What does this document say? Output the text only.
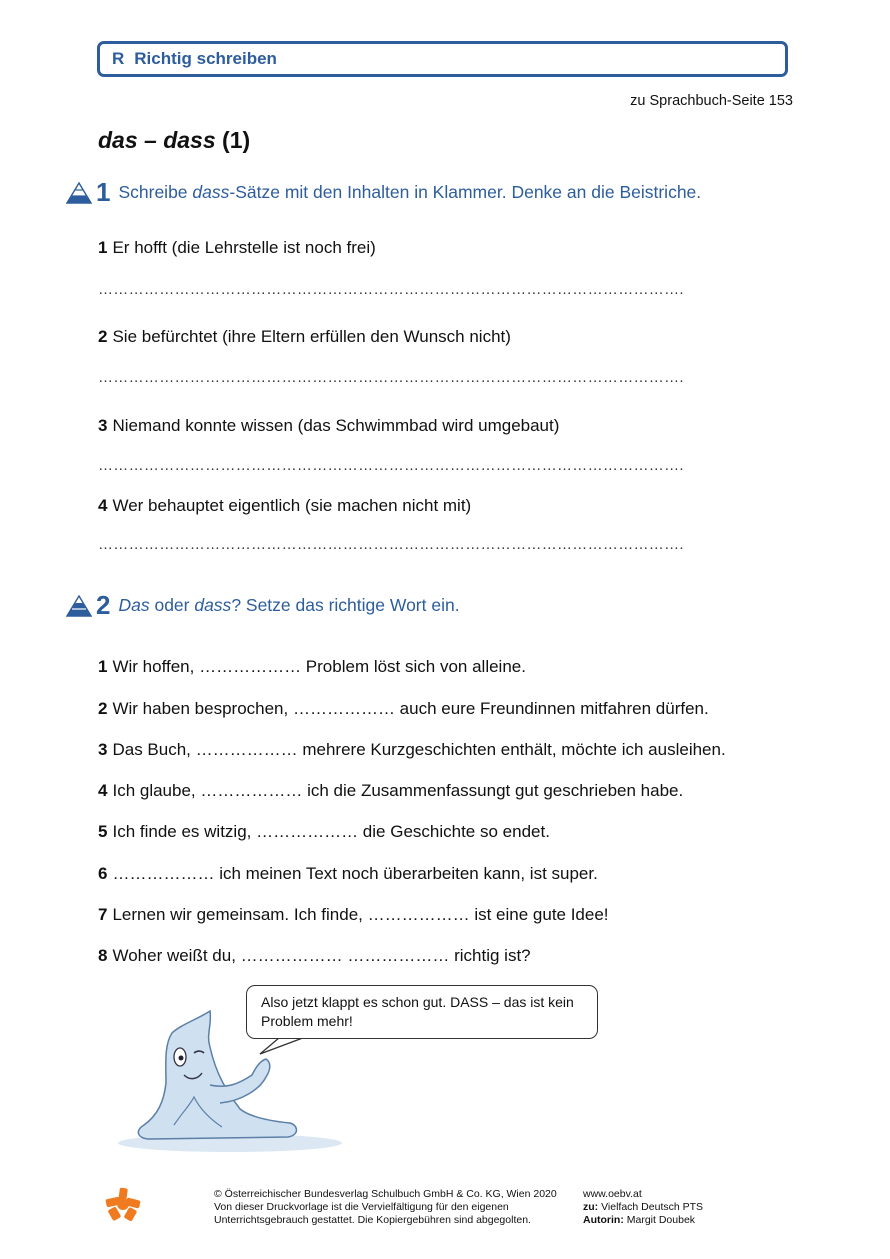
R Richtig schreiben
zu Sprachbuch-Seite 153
das – dass (1)
1 Schreibe dass-Sätze mit den Inhalten in Klammer. Denke an die Beistriche.
1 Er hofft (die Lehrstelle ist noch frei)
…………………………………………………………………………………………………….
2 Sie befürchtet (ihre Eltern erfüllen den Wunsch nicht)
…………………………………………………………………………………………………….
3 Niemand konnte wissen (das Schwimmbad wird umgebaut)
…………………………………………………………………………………………………….
4 Wer behauptet eigentlich (sie machen nicht mit)
…………………………………………………………………………………………………….
2 Das oder dass? Setze das richtige Wort ein.
1 Wir hoffen, ……………… Problem löst sich von alleine.
2 Wir haben besprochen, ……………… auch eure Freundinnen mitfahren dürfen.
3 Das Buch, ……………… mehrere Kurzgeschichten enthält, möchte ich ausleihen.
4 Ich glaube, ……………… ich die Zusammenfassungt gut geschrieben habe.
5 Ich finde es witzig, ……………… die Geschichte so endet.
6 ……………… ich meinen Text noch überarbeiten kann, ist super.
7 Lernen wir gemeinsam. Ich finde, ……………… ist eine gute Idee!
8 Woher weißt du, ……………… ……………… richtig ist?
Also jetzt klappt es schon gut. DASS – das ist kein Problem mehr!
© Österreichischer Bundesverlag Schulbuch GmbH & Co. KG, Wien 2020
Von dieser Druckvorlage ist die Vervielfältigung für den eigenen
Unterrichtsgebrauch gestattet. Die Kopiergebühren sind abgegolten.
www.oebv.at
zu: Vielfach Deutsch PTS
Autorin: Margit Doubek
